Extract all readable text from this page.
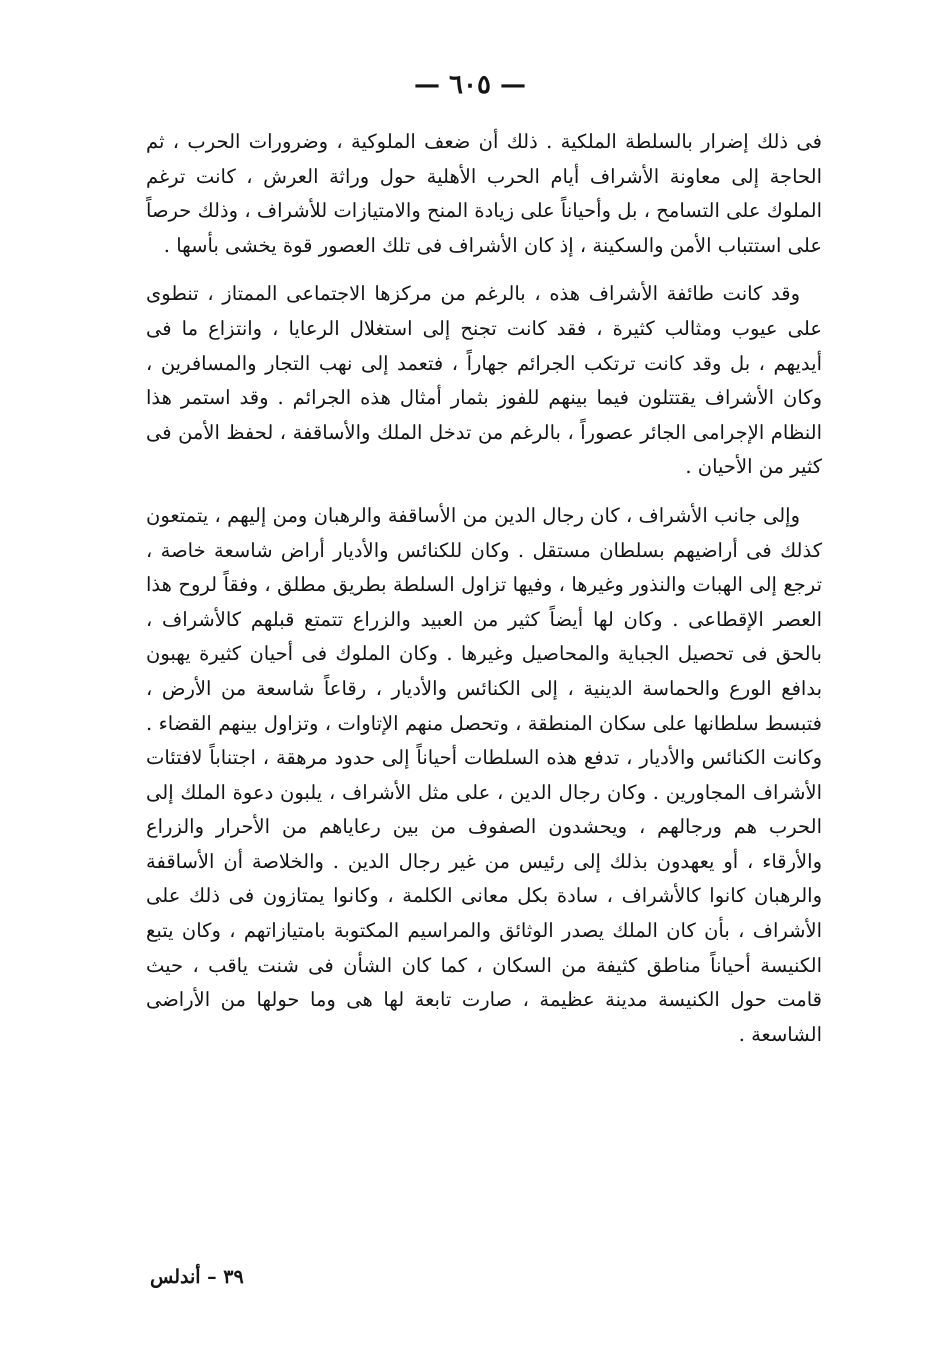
— ٦٠٥ —

فى ذلك إضرار بالسلطة الملكية . ذلك أن ضعف الملوكية ، وضرورات الحرب ، ثم الحاجة إلى معاونة الأشراف أيام الحرب الأهلية حول وراثة العرش ، كانت ترغم الملوك على التسامح ، بل وأحياناً على زيادة المنح والامتيازات للأشراف ، وذلك حرصاً على استتباب الأمن والسكينة ، إذ كان الأشراف فى تلك العصور قوة يخشى بأسها .

وقد كانت طائفة الأشراف هذه ، بالرغم من مركزها الاجتماعى الممتاز ، تنطوى على عيوب ومثالب كثيرة ، فقد كانت تجنح إلى استغلال الرعايا ، وانتزاع ما فى أيديهم ، بل وقد كانت ترتكب الجرائم جهاراً ، فتعمد إلى نهب التجار والمسافرين ، وكان الأشراف يقتتلون فيما بينهم للفوز بثمار أمثال هذه الجرائم . وقد استمر هذا النظام الإجرامى الجائر عصوراً ، بالرغم من تدخل الملك والأساقفة ، لحفظ الأمن فى كثير من الأحيان .

وإلى جانب الأشراف ، كان رجال الدين من الأساقفة والرهبان ومن إليهم ، يتمتعون كذلك فى أراضيهم بسلطان مستقل . وكان للكنائس والأديار أراض شاسعة خاصة ، ترجع إلى الهبات والنذور وغيرها ، وفيها تزاول السلطة بطريق مطلق ، وفقاً لروح هذا العصر الإقطاعى . وكان لها أيضاً كثير من العبيد والزراع تتمتع قبلهم كالأشراف ، بالحق فى تحصيل الجباية والمحاصيل وغيرها . وكان الملوك فى أحيان كثيرة يهبون بدافع الورع والحماسة الدينية ، إلى الكنائس والأديار ، رقاعاً شاسعة من الأرض ، فتبسط سلطانها على سكان المنطقة ، وتحصل منهم الإتاوات ، وتزاول بينهم القضاء . وكانت الكنائس والأديار ، تدفع هذه السلطات أحياناً إلى حدود مرهقة ، اجتناباً لافتئات الأشراف المجاورين . وكان رجال الدين ، على مثل الأشراف ، يلبون دعوة الملك إلى الحرب هم ورجالهم ، ويحشدون الصفوف من بين رعاياهم من الأحرار والزراع والأرقاء ، أو يعهدون بذلك إلى رئيس من غير رجال الدين . والخلاصة أن الأساقفة والرهبان كانوا كالأشراف ، سادة بكل معانى الكلمة ، وكانوا يمتازون فى ذلك على الأشراف ، بأن كان الملك يصدر الوثائق والمراسيم المكتوبة بامتيازاتهم ، وكان يتبع الكنيسة أحياناً مناطق كثيفة من السكان ، كما كان الشأن فى شنت ياقب ، حيث قامت حول الكنيسة مدينة عظيمة ، صارت تابعة لها هى وما حولها من الأراضى الشاسعة .

٣٩ – أندلس
